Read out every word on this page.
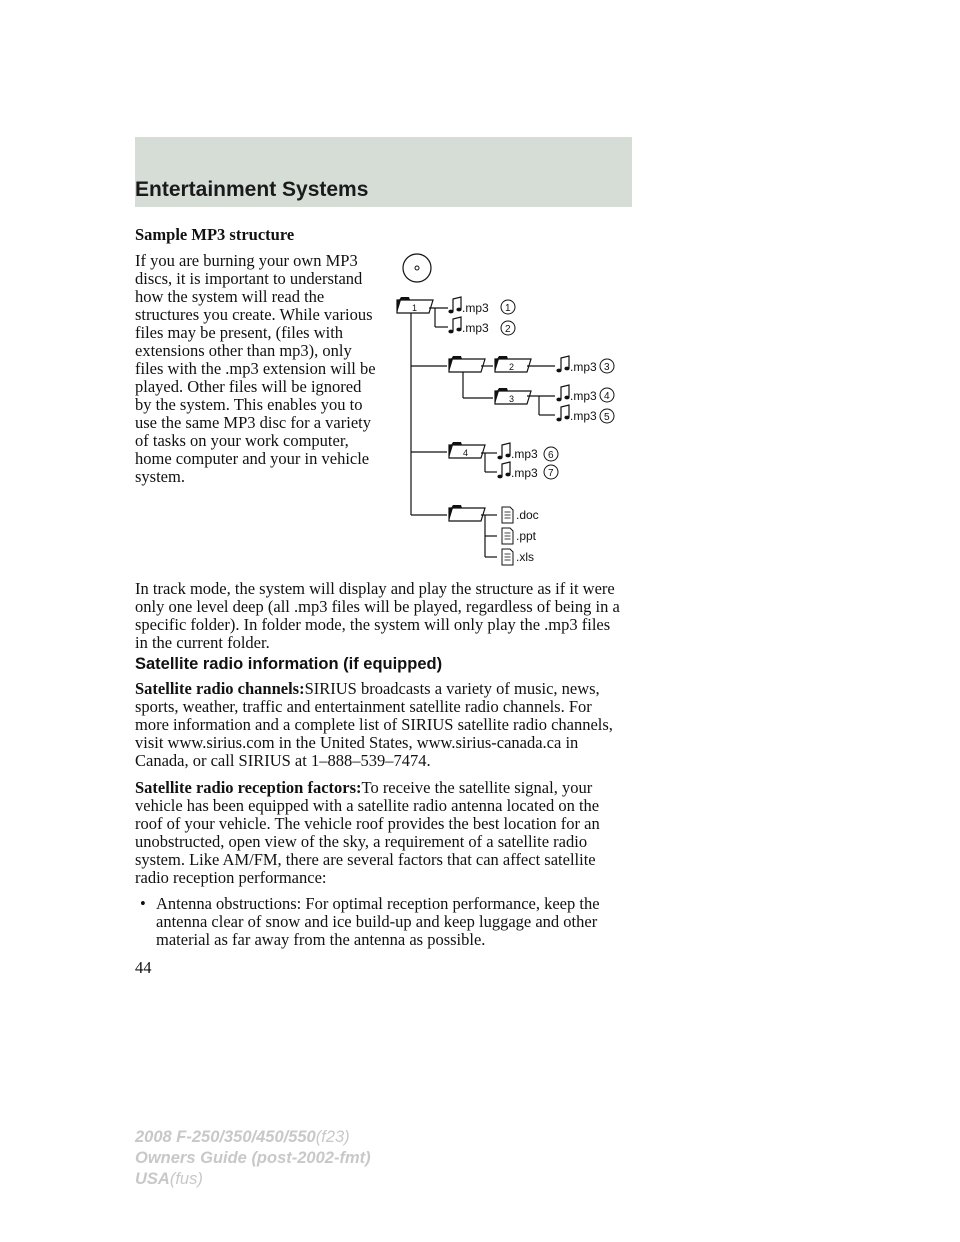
Entertainment Systems
Sample MP3 structure
If you are burning your own MP3
discs, it is important to understand
how the system will read the
structures you create. While various
files may be present, (files with
extensions other than mp3), only
files with the .mp3 extension will be
played. Other files will be ignored
by the system. This enables you to
use the same MP3 disc for a variety
of tasks on your work computer,
home computer and your in vehicle
system.
1	.mp3 1
.mp3 2
2	.mp3 3
3	.mp3 4
.mp3 5
4	.mp3 6
.mp3 7
.doc
.ppt
.xls
In track mode, the system will display and play the structure as if it were
only one level deep (all .mp3 files will be played, regardless of being in a
specific folder). In folder mode, the system will only play the .mp3 files
in the current folder.
Satellite radio information (if equipped)
Satellite radio channels:SIRIUS broadcasts a variety of music, news,
sports, weather, traffic and entertainment satellite radio channels. For
more information and a complete list of SIRIUS satellite radio channels,
visit www.sirius.com in the United States, www.sirius-canada.ca in
Canada, or call SIRIUS at 1–888–539–7474.
Satellite radio reception factors:To receive the satellite signal, your
vehicle has been equipped with a satellite radio antenna located on the
roof of your vehicle. The vehicle roof provides the best location for an
unobstructed, open view of the sky, a requirement of a satellite radio
system. Like AM/FM, there are several factors that can affect satellite
radio reception performance:
• Antenna obstructions: For optimal reception performance, keep the
antenna clear of snow and ice build-up and keep luggage and other
material as far away from the antenna as possible.
44
2008 F-250/350/450/550(f23)
Owners Guide (post-2002-fmt)
USA(fus)
